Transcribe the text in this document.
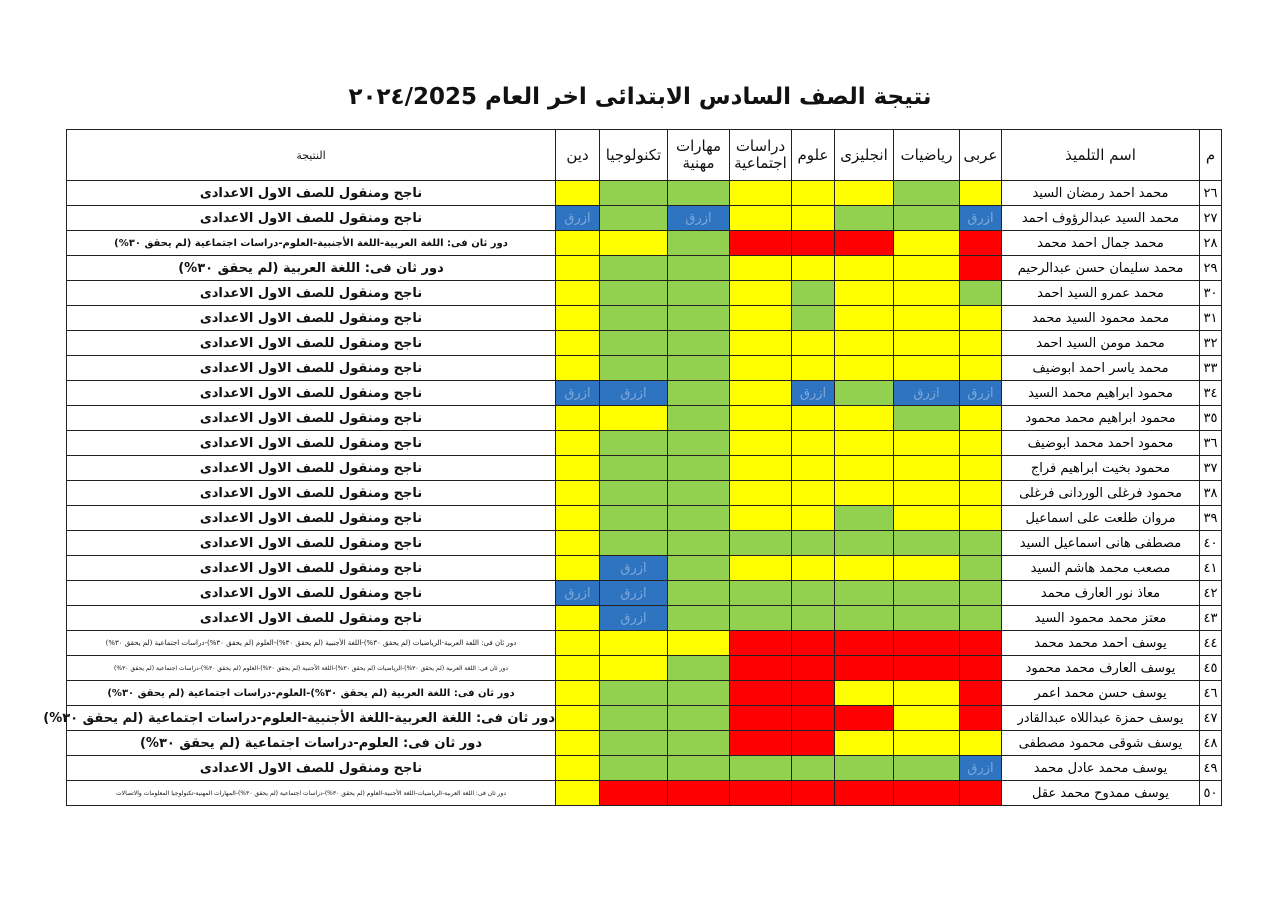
نتيجة الصف السادس الابتدائى اخر العام ٢٠٢٤/2025
م	اسم التلميذ	عربى	رياضيات	انجليزى	علوم	دراسات اجتماعية	مهارات مهنية	تكنولوجيا	دين	النتيجة
٢٦	محمد احمد رمضان السيد									ناجح ومنقول للصف الاول الاعدادى
٢٧	محمد السيد عبدالرؤوف احمد	ازرق					ازرق		ازرق	ناجح ومنقول للصف الاول الاعدادى
٢٨	محمد جمال احمد محمد									دور ثان فى: اللغة العربية-اللغة الأجنبية-العلوم-دراسات اجتماعية (لم يحقق ٣٠%)
٢٩	محمد سليمان حسن عبدالرحيم									دور ثان فى: اللغة العربية (لم يحقق ٣٠%)
٣٠	محمد عمرو السيد احمد									ناجح ومنقول للصف الاول الاعدادى
٣١	محمد محمود السيد محمد									ناجح ومنقول للصف الاول الاعدادى
٣٢	محمد مومن السيد احمد									ناجح ومنقول للصف الاول الاعدادى
٣٣	محمد ياسر احمد ابوضيف									ناجح ومنقول للصف الاول الاعدادى
٣٤	محمود ابراهيم محمد السيد	ازرق	ازرق		ازرق			ازرق	ازرق	ناجح ومنقول للصف الاول الاعدادى
٣٥	محمود ابراهيم محمد محمود									ناجح ومنقول للصف الاول الاعدادى
٣٦	محمود احمد محمد ابوضيف									ناجح ومنقول للصف الاول الاعدادى
٣٧	محمود بخيت ابراهيم فراج									ناجح ومنقول للصف الاول الاعدادى
٣٨	محمود فرغلى الوردانى فرغلى									ناجح ومنقول للصف الاول الاعدادى
٣٩	مروان طلعت على اسماعيل									ناجح ومنقول للصف الاول الاعدادى
٤٠	مصطفى هانى اسماعيل السيد									ناجح ومنقول للصف الاول الاعدادى
٤١	مصعب محمد هاشم السيد							ازرق		ناجح ومنقول للصف الاول الاعدادى
٤٢	معاذ نور العارف محمد							ازرق	ازرق	ناجح ومنقول للصف الاول الاعدادى
٤٣	معتز محمد محمود السيد							ازرق		ناجح ومنقول للصف الاول الاعدادى
٤٤	يوسف احمد محمد محمد									دور ثان فى: اللغة العربية-الرياضيات (لم يحقق ٣٠%)-اللغة الأجنبية (لم يحقق ٣٠%)-العلوم (لم يحقق ٣٠%)-دراسات اجتماعية (لم يحقق ٣٠%)
٤٥	يوسف العارف محمد محمود									دور ثان فى: اللغة العربية (لم يحقق ٣٠%)-الرياضيات (لم يحقق ٣٠%)-اللغة الأجنبية (لم يحقق ٣٠%)-العلوم (لم يحقق ٣٠%)-دراسات اجتماعية (لم يحقق ٣٠%)
٤٦	يوسف حسن محمد اعمر									دور ثان فى: اللغة العربية (لم يحقق ٣٠%)-العلوم-دراسات اجتماعية (لم يحقق ٣٠%)
٤٧	يوسف حمزة عبداللاه عبدالقادر									دور ثان فى: اللغة العربية-اللغة الأجنبية-العلوم-دراسات اجتماعية (لم يحقق ٣٠%)
٤٨	يوسف شوقى محمود مصطفى									دور ثان فى: العلوم-دراسات اجتماعية (لم يحقق ٣٠%)
٤٩	يوسف محمد عادل محمد	ازرق								ناجح ومنقول للصف الاول الاعدادى
٥٠	يوسف ممدوح محمد عقل									دور ثان فى: اللغة العربية-الرياضيات-اللغة الأجنبية-العلوم (لم يحقق ٣٠%)-دراسات اجتماعية (لم يحقق ٣٠%)-المهارات المهنية-تكنولوجيا المعلومات والاتصالات
